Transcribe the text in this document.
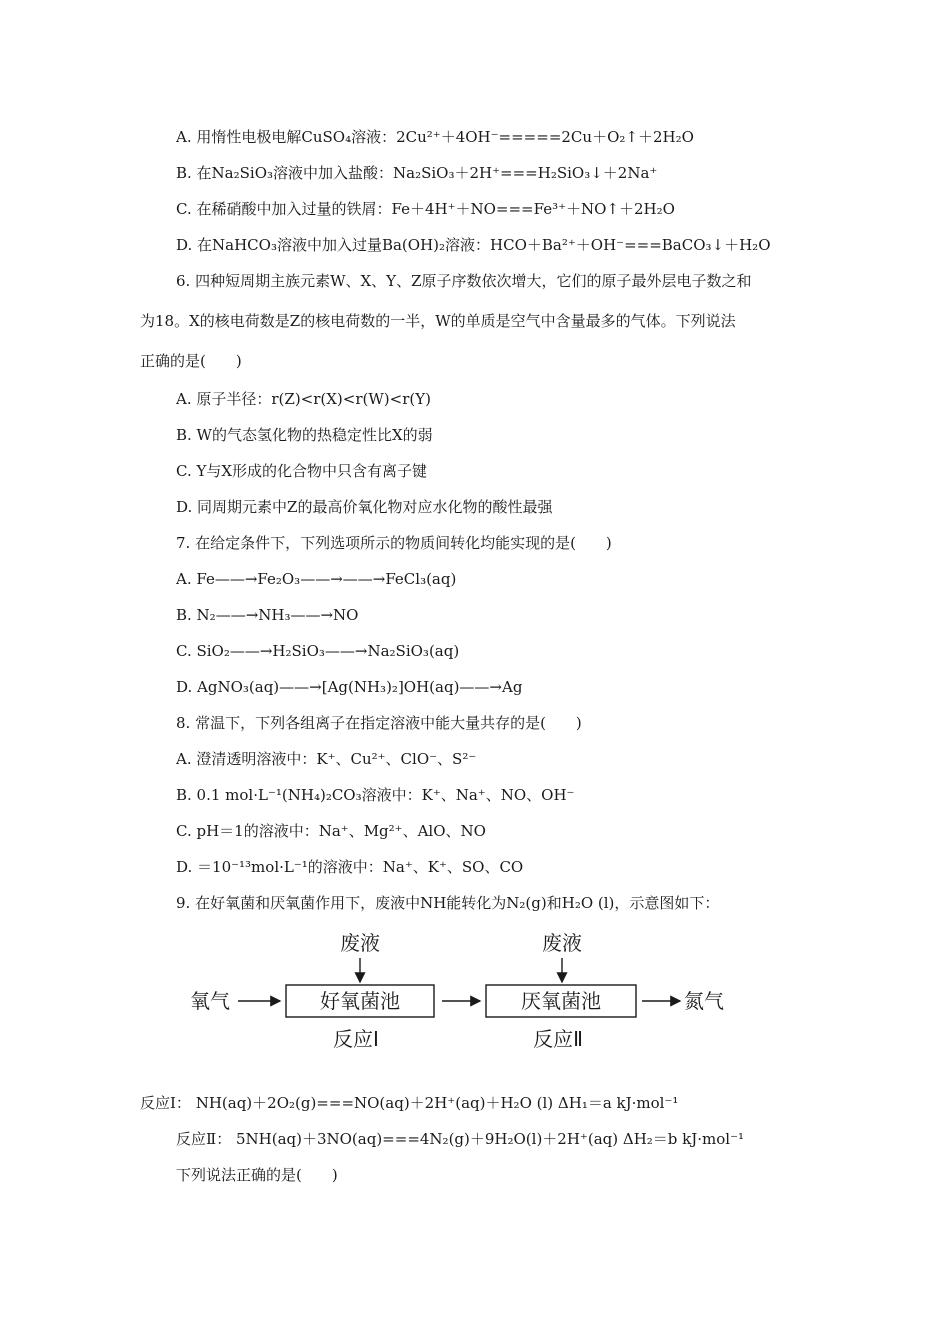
A. 用惰性电极电解CuSO₄溶液：2Cu²⁺＋4OH⁻=====2Cu＋O₂↑＋2H₂O
B. 在Na₂SiO₃溶液中加入盐酸：Na₂SiO₃＋2H⁺===H₂SiO₃↓＋2Na⁺
C. 在稀硝酸中加入过量的铁屑：Fe＋4H⁺＋NO===Fe³⁺＋NO↑＋2H₂O
D. 在NaHCO₃溶液中加入过量Ba(OH)₂溶液：HCO＋Ba²⁺＋OH⁻===BaCO₃↓＋H₂O
6. 四种短周期主族元素W、X、Y、Z原子序数依次增大，它们的原子最外层电子数之和
为18。X的核电荷数是Z的核电荷数的一半，W的单质是空气中含量最多的气体。下列说法
正确的是(　　)
A. 原子半径：r(Z)<r(X)<r(W)<r(Y)
B. W的气态氢化物的热稳定性比X的弱
C. Y与X形成的化合物中只含有离子键
D. 同周期元素中Z的最高价氧化物对应水化物的酸性最强
7. 在给定条件下，下列选项所示的物质间转化均能实现的是(　　)
A. Fe——→Fe₂O₃——→——→FeCl₃(aq)
B. N₂——→NH₃——→NO
C. SiO₂——→H₂SiO₃——→Na₂SiO₃(aq)
D. AgNO₃(aq)——→[Ag(NH₃)₂]OH(aq)——→Ag
8. 常温下，下列各组离子在指定溶液中能大量共存的是(　　)
A. 澄清透明溶液中：K⁺、Cu²⁺、ClO⁻、S²⁻
B. 0.1 mol·L⁻¹(NH₄)₂CO₃溶液中：K⁺、Na⁺、NO、OH⁻
C. pH＝1的溶液中：Na⁺、Mg²⁺、AlO、NO
D. ＝10⁻¹³mol·L⁻¹的溶液中：Na⁺、K⁺、SO、CO
9. 在好氧菌和厌氧菌作用下，废液中NH能转化为N₂(g)和H₂O (l)，示意图如下：
废液	废液
氧气	好氧菌池	厌氧菌池	氮气
反应Ⅰ	反应Ⅱ
反应Ⅰ： NH(aq)＋2O₂(g)===NO(aq)＋2H⁺(aq)＋H₂O (l) ΔH₁＝a kJ·mol⁻¹
反应Ⅱ： 5NH(aq)＋3NO(aq)===4N₂(g)＋9H₂O(l)＋2H⁺(aq) ΔH₂＝b kJ·mol⁻¹
下列说法正确的是(　　)
